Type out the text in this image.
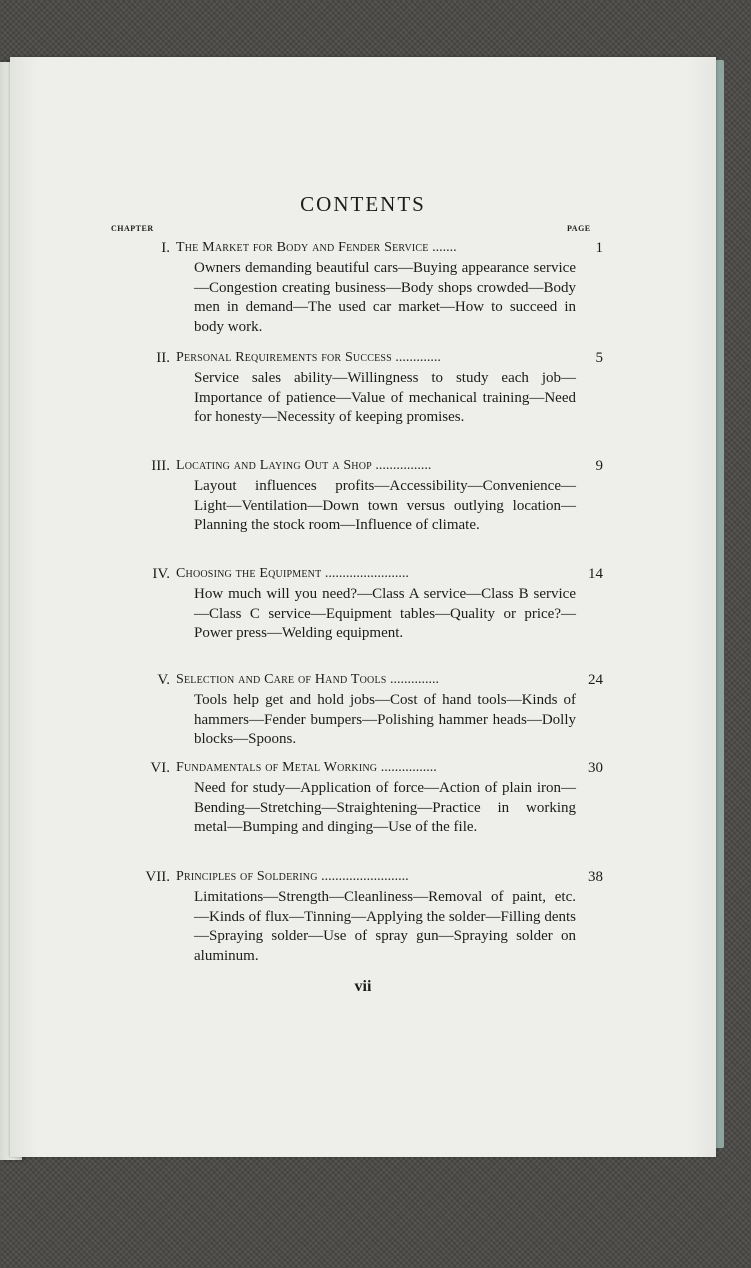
CONTENTS
CHAPTER	PAGE
I. The Market for Body and Fender Service .......	1
Owners demanding beautiful cars—Buying appearance service—Congestion creating business—Body shops crowded—Body men in demand—The used car market—How to succeed in body work.
II. Personal Requirements for Success .............	5
Service sales ability—Willingness to study each job—Importance of patience—Value of mechanical training—Need for honesty—Necessity of keeping promises.
III. Locating and Laying Out a Shop ................	9
Layout influences profits—Accessibility—Convenience—Light—Ventilation—Down town versus outlying location—Planning the stock room—Influence of climate.
IV. Choosing the Equipment ........................	14
How much will you need?—Class A service—Class B service—Class C service—Equipment tables—Quality or price?—Power press—Welding equipment.
V. Selection and Care of Hand Tools ..............	24
Tools help get and hold jobs—Cost of hand tools—Kinds of hammers—Fender bumpers—Polishing hammer heads—Dolly blocks—Spoons.
VI. Fundamentals of Metal Working ................	30
Need for study—Application of force—Action of plain iron—Bending—Stretching—Straightening—Practice in working metal—Bumping and dinging—Use of the file.
VII. Principles of Soldering .........................	38
Limitations—Strength—Cleanliness—Removal of paint, etc.—Kinds of flux—Tinning—Applying the solder—Filling dents—Spraying solder—Use of spray gun—Spraying solder on aluminum.
vii
